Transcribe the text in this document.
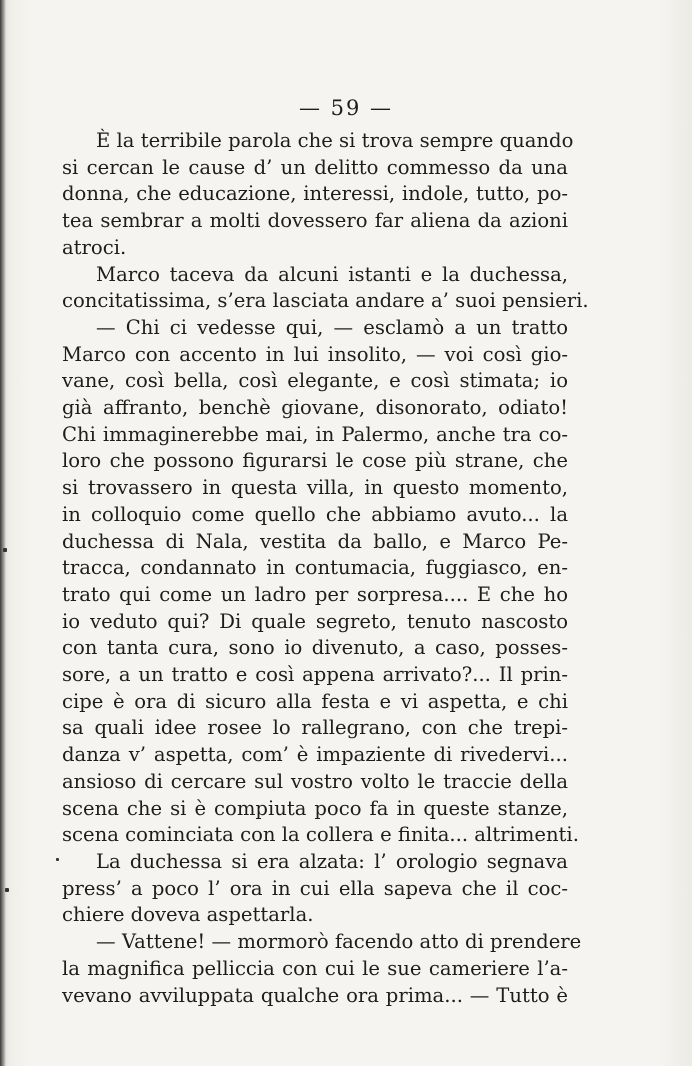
— 59 —
È la terribile parola che si trova sempre quando
si cercan le cause d’ un delitto commesso da una
donna, che educazione, interessi, indole, tutto, po-
tea sembrar a molti dovessero far aliena da azioni
atroci.
Marco taceva da alcuni istanti e la duchessa,
concitatissima, s’era lasciata andare a’ suoi pensieri.
— Chi ci vedesse qui, — esclamò a un tratto
Marco con accento in lui insolito, — voi così gio-
vane, così bella, così elegante, e così stimata; io
già affranto, benchè giovane, disonorato, odiato!
Chi immaginerebbe mai, in Palermo, anche tra co-
loro che possono figurarsi le cose più strane, che
si trovassero in questa villa, in questo momento,
in colloquio come quello che abbiamo avuto... la
duchessa di Nala, vestita da ballo, e Marco Pe-
tracca, condannato in contumacia, fuggiasco, en-
trato qui come un ladro per sorpresa.... E che ho
io veduto qui? Di quale segreto, tenuto nascosto
con tanta cura, sono io divenuto, a caso, posses-
sore, a un tratto e così appena arrivato?... Il prin-
cipe è ora di sicuro alla festa e vi aspetta, e chi
sa quali idee rosee lo rallegrano, con che trepi-
danza v’ aspetta, com’ è impaziente di rivedervi...
ansioso di cercare sul vostro volto le traccie della
scena che si è compiuta poco fa in queste stanze,
scena cominciata con la collera e finita... altrimenti.
La duchessa si era alzata: l’ orologio segnava
press’ a poco l’ ora in cui ella sapeva che il coc-
chiere doveva aspettarla.
— Vattene! — mormorò facendo atto di prendere
la magnifica pelliccia con cui le sue cameriere l’a-
vevano avviluppata qualche ora prima... — Tutto è
